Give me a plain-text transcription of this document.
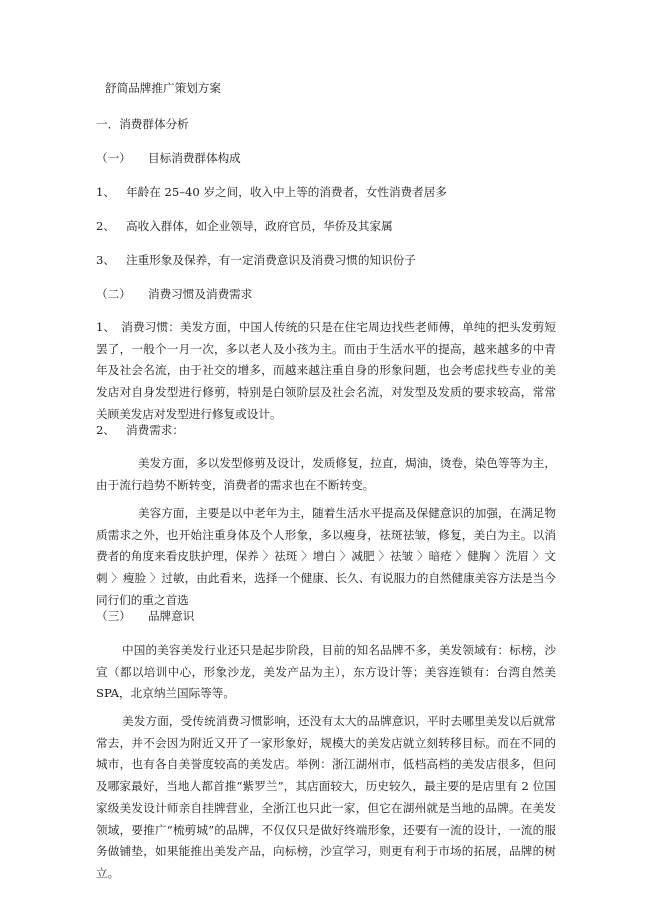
舒简品牌推广策划方案
一．消费群体分析
（一） 目标消费群体构成
1、 年龄在 25–40 岁之间，收入中上等的消费者，女性消费者居多
2、 高收入群体，如企业领导，政府官员，华侨及其家属
3、 注重形象及保养，有一定消费意识及消费习惯的知识份子
（二） 消费习惯及消费需求
1、　消费习惯：美发方面，中国人传统的只是在住宅周边找些老师傅，单纯的把头发剪短罢了，一般个一月一次，多以老人及小孩为主。而由于生活水平的提高，越来越多的中青年及社会名流，由于社交的增多，而越来越注重自身的形象问题，也会考虑找些专业的美发店对自身发型进行修剪，特别是白领阶层及社会名流，对发型及发质的要求较高，常常关顾美发店对发型进行修复或设计。
2、 消费需求：
美发方面，多以发型修剪及设计，发质修复，拉直，焗油，烫卷，染色等等为主，由于流行趋势不断转变，消费者的需求也在不断转变。
美容方面，主要是以中老年为主，随着生活水平提高及保健意识的加强，在满足物质需求之外，也开始注重身体及个人形象，多以瘦身，祛斑祛皱，修复，美白为主。以消费者的角度来看皮肤护理，保养 〉祛斑 〉增白 〉减肥 〉祛皱 〉暗疮 〉健胸 〉洗眉 〉文刺 〉瘦脸 〉过敏，由此看来，选择一个健康、长久、有说服力的自然健康美容方法是当今同行们的重之首选
（三） 品牌意识
中国的美容美发行业还只是起步阶段，目前的知名品牌不多，美发领域有：标榜，沙宣（都以培训中心，形象沙龙，美发产品为主），东方设计等；美容连锁有：台湾自然美SPA，北京纳兰国际等等。
美发方面，受传统消费习惯影响，还没有太大的品牌意识，平时去哪里美发以后就常常去，并不会因为附近又开了一家形象好，规模大的美发店就立刻转移目标。而在不同的城市，也有各自美誉度较高的美发店。举例：浙江湖州市，低档高档的美发店很多，但问及哪家最好，当地人都首推“紫罗兰”，其店面较大，历史较久，最主要的是店里有 2 位国家级美发设计师亲自挂牌营业，全浙江也只此一家，但它在湖州就是当地的品牌。在美发领域，要推广“梳剪城”的品牌，不仅仅只是做好终端形象，还要有一流的设计，一流的服务做铺垫，如果能推出美发产品，向标榜，沙宣学习，则更有利于市场的拓展，品牌的树立。
